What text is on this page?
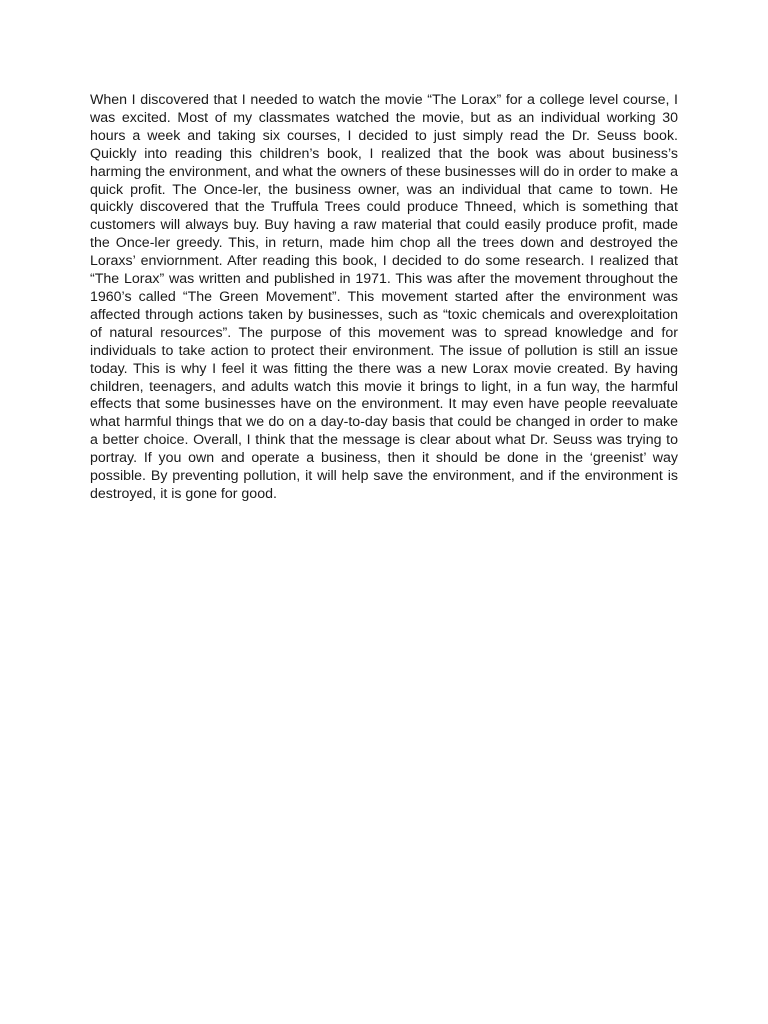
When I discovered that I needed to watch the movie “The Lorax” for a college level course, I was excited. Most of my classmates watched the movie, but as an individual working 30 hours a week and taking six courses, I decided to just simply read the Dr. Seuss book. Quickly into reading this children’s book, I realized that the book was about business’s harming the environment, and what the owners of these businesses will do in order to make a quick profit. The Once-ler, the business owner, was an individual that came to town. He quickly discovered that the Truffula Trees could produce Thneed, which is something that customers will always buy. Buy having a raw material that could easily produce profit, made the Once-ler greedy. This, in return, made him chop all the trees down and destroyed the Loraxs’ enviornment. After reading this book, I decided to do some research. I realized that “The Lorax” was written and published in 1971. This was after the movement throughout the 1960’s called “The Green Movement”. This movement started after the environment was affected through actions taken by businesses, such as “toxic chemicals and overexploitation of natural resources”. The purpose of this movement was to spread knowledge and for individuals to take action to protect their environment. The issue of pollution is still an issue today. This is why I feel it was fitting the there was a new Lorax movie created. By having children, teenagers, and adults watch this movie it brings to light, in a fun way, the harmful effects that some businesses have on the environment. It may even have people reevaluate what harmful things that we do on a day-to-day basis that could be changed in order to make a better choice. Overall, I think that the message is clear about what Dr. Seuss was trying to portray. If you own and operate a business, then it should be done in the ‘greenist’ way possible. By preventing pollution, it will help save the environment, and if the environment is destroyed, it is gone for good.
